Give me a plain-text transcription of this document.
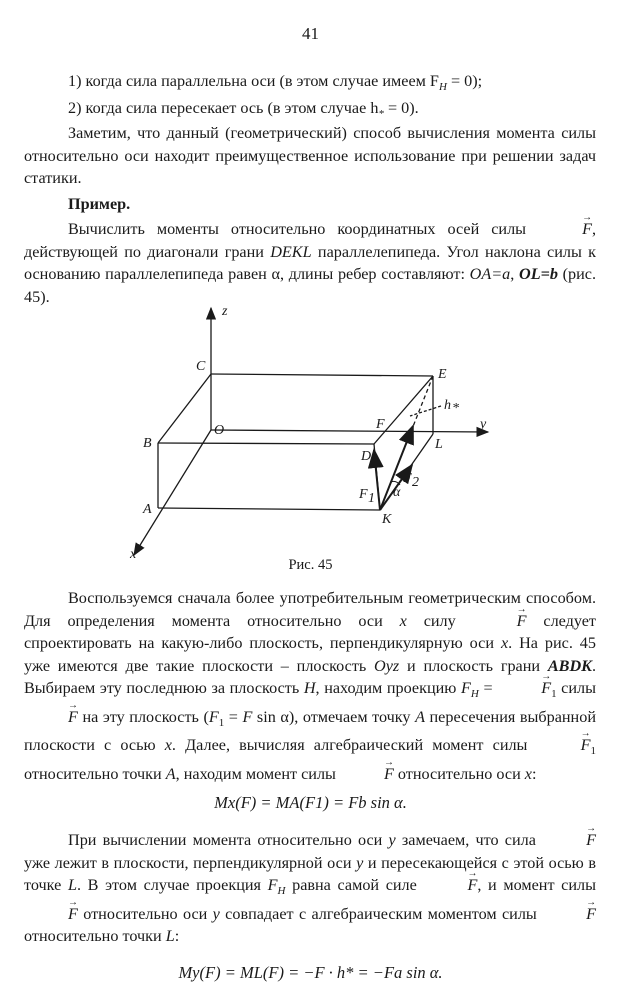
41

1) когда сила параллельна оси (в этом случае имеем $F_H = 0$);

2) когда сила пересекает ось (в этом случае $h_* = 0$).

Заметим, что данный (геометрический) способ вычисления момента силы относительно оси находит преимущественное использование при решении задач статики.

Пример.

Вычислить моменты относительно координатных осей силы	→ F, действующей по диагонали грани DEKL параллелепипеда. Угол наклона силы к основанию параллелепипеда равен α, длины ребер составляют: OA=a, OL=b (рис. 45).

z
x
y
C
E
B
O
A
D
L
K
F
F 1
F 2
α
h *
Рис. 45

Воспользуемся сначала более употребительным геометрическим способом. Для определения момента относительно оси x силу	→ F следует спроектировать на какую-либо плоскость, перпендикулярную оси x. На рис. 45 уже имеются две такие плоскости – плоскость Oyz и плоскость грани ABDK. Выбираем эту последнюю за плоскость H, находим проекцию $F_H$ =	→ $F_1$ силы → F на эту плоскость ($F_1 = F$ sin α), отмечаем точку A пересечения выбранной плоскости с осью x. Далее, вычисляя алгебраический момент силы	→ $F_1$ относительно точки A, находим момент силы	→ F относительно оси x:

Mx(F) = MA(F1) = Fb sin α.

При вычислении момента относительно оси y замечаем, что сила	→ F уже лежит в плоскости, перпендикулярной оси y и пересекающейся с этой осью в точке L. В этом случае проекция $F_H$ равна самой силе	→ F, и момент силы → F относительно оси y совпадает с алгебраическим моментом силы	→ F относительно точки L:

My(F) = ML(F) = −F · h* = −Fa sin α.
